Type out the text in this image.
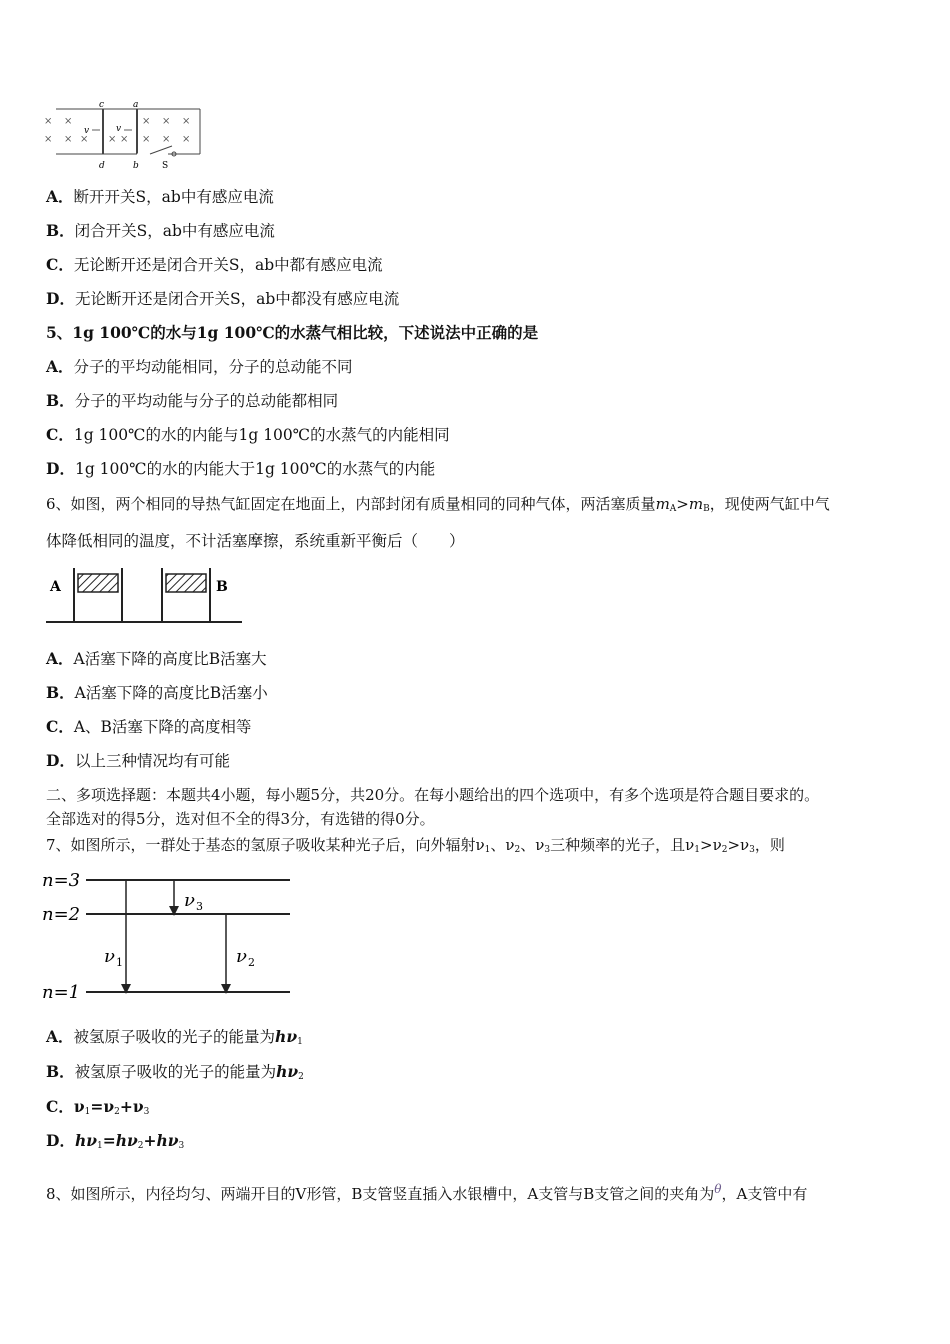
×
×
×
×	× ×
×
×
×
×
×
×
×
c	a
v	v
d	b	S
A．断开开关S，ab中有感应电流
B．闭合开关S，ab中有感应电流
C．无论断开还是闭合开关S，ab中都有感应电流
D．无论断开还是闭合开关S，ab中都没有感应电流
5、1g 100℃的水与1g 100℃的水蒸气相比较，下述说法中正确的是
A．分子的平均动能相同，分子的总动能不同
B．分子的平均动能与分子的总动能都相同
C．1g 100℃的水的内能与1g 100℃的水蒸气的内能相同
D．1g 100℃的水的内能大于1g 100℃的水蒸气的内能
6、如图，两个相同的导热气缸固定在地面上，内部封闭有质量相同的同种气体，两活塞质量$m_A>m_B$，现使两气缸中气
体降低相同的温度，不计活塞摩擦，系统重新平衡后（　　）
A	B
A．A活塞下降的高度比B活塞大
B．A活塞下降的高度比B活塞小
C．A、B活塞下降的高度相等
D．以上三种情况均有可能
二、多项选择题：本题共4小题，每小题5分，共20分。在每小题给出的四个选项中，有多个选项是符合题目要求的。
全部选对的得5分，选对但不全的得3分，有选错的得0分。
7、如图所示，一群处于基态的氢原子吸收某种光子后，向外辐射$\nu_1$、$\nu_2$、$\nu_3$三种频率的光子，且$\nu_1>\nu_2>\nu_3$，则
n=3
n=2
n=1
ν 1	ν 2
ν 3
A．被氢原子吸收的光子的能量为$h\nu_1$
B．被氢原子吸收的光子的能量为$h\nu_2$
C．$\nu_1=\nu_2+\nu_3$
D．$h\nu_1=h\nu_2+h\nu_3$
8、如图所示，内径均匀、两端开目的V形管，B支管竖直插入水银槽中，A支管与B支管之间的夹角为$^\theta$，A支管中有
